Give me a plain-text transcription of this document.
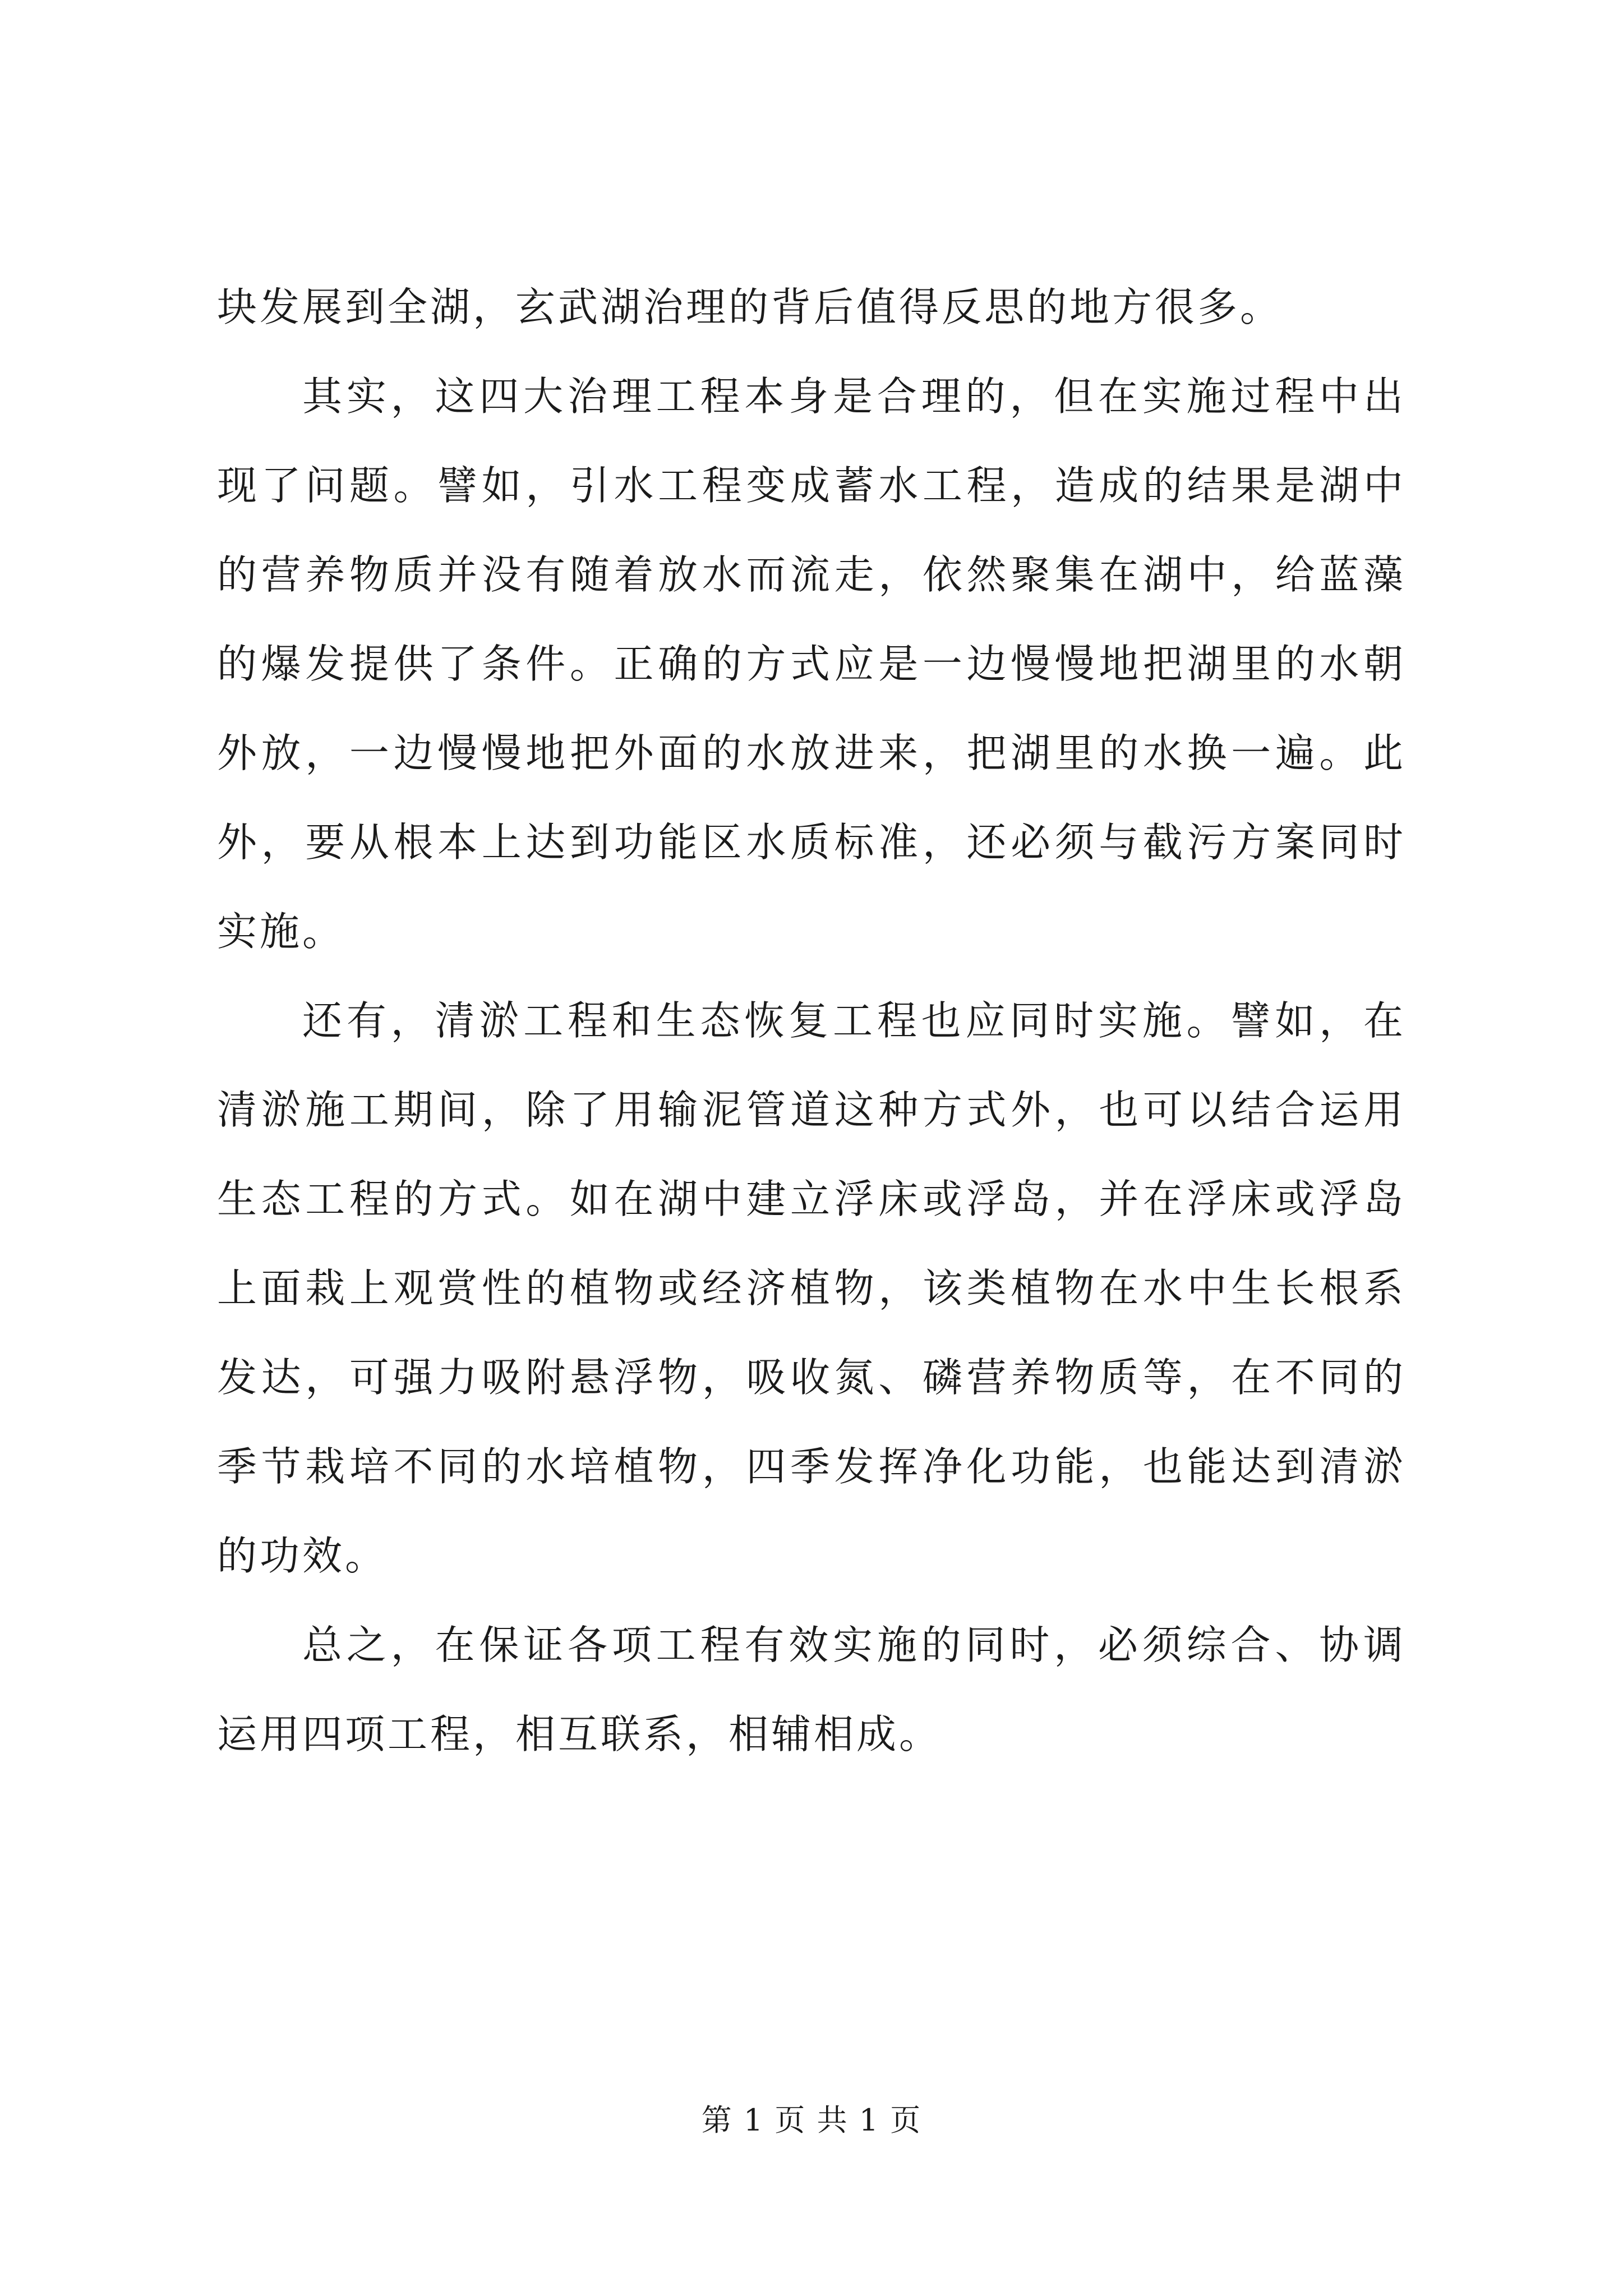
块发展到全湖，玄武湖治理的背后值得反思的地方很多。

其实，这四大治理工程本身是合理的，但在实施过程中出现了问题。譬如，引水工程变成蓄水工程，造成的结果是湖中的营养物质并没有随着放水而流走，依然聚集在湖中，给蓝藻的爆发提供了条件。正确的方式应是一边慢慢地把湖里的水朝外放，一边慢慢地把外面的水放进来，把湖里的水换一遍。此外，要从根本上达到功能区水质标准，还必须与截污方案同时实施。

还有，清淤工程和生态恢复工程也应同时实施。譬如，在清淤施工期间，除了用输泥管道这种方式外，也可以结合运用生态工程的方式。如在湖中建立浮床或浮岛，并在浮床或浮岛上面栽上观赏性的植物或经济植物，该类植物在水中生长根系发达，可强力吸附悬浮物，吸收氮、磷营养物质等，在不同的季节栽培不同的水培植物，四季发挥净化功能，也能达到清淤的功效。

总之，在保证各项工程有效实施的同时，必须综合、协调运用四项工程，相互联系，相辅相成。

第 1 页 共 1 页
